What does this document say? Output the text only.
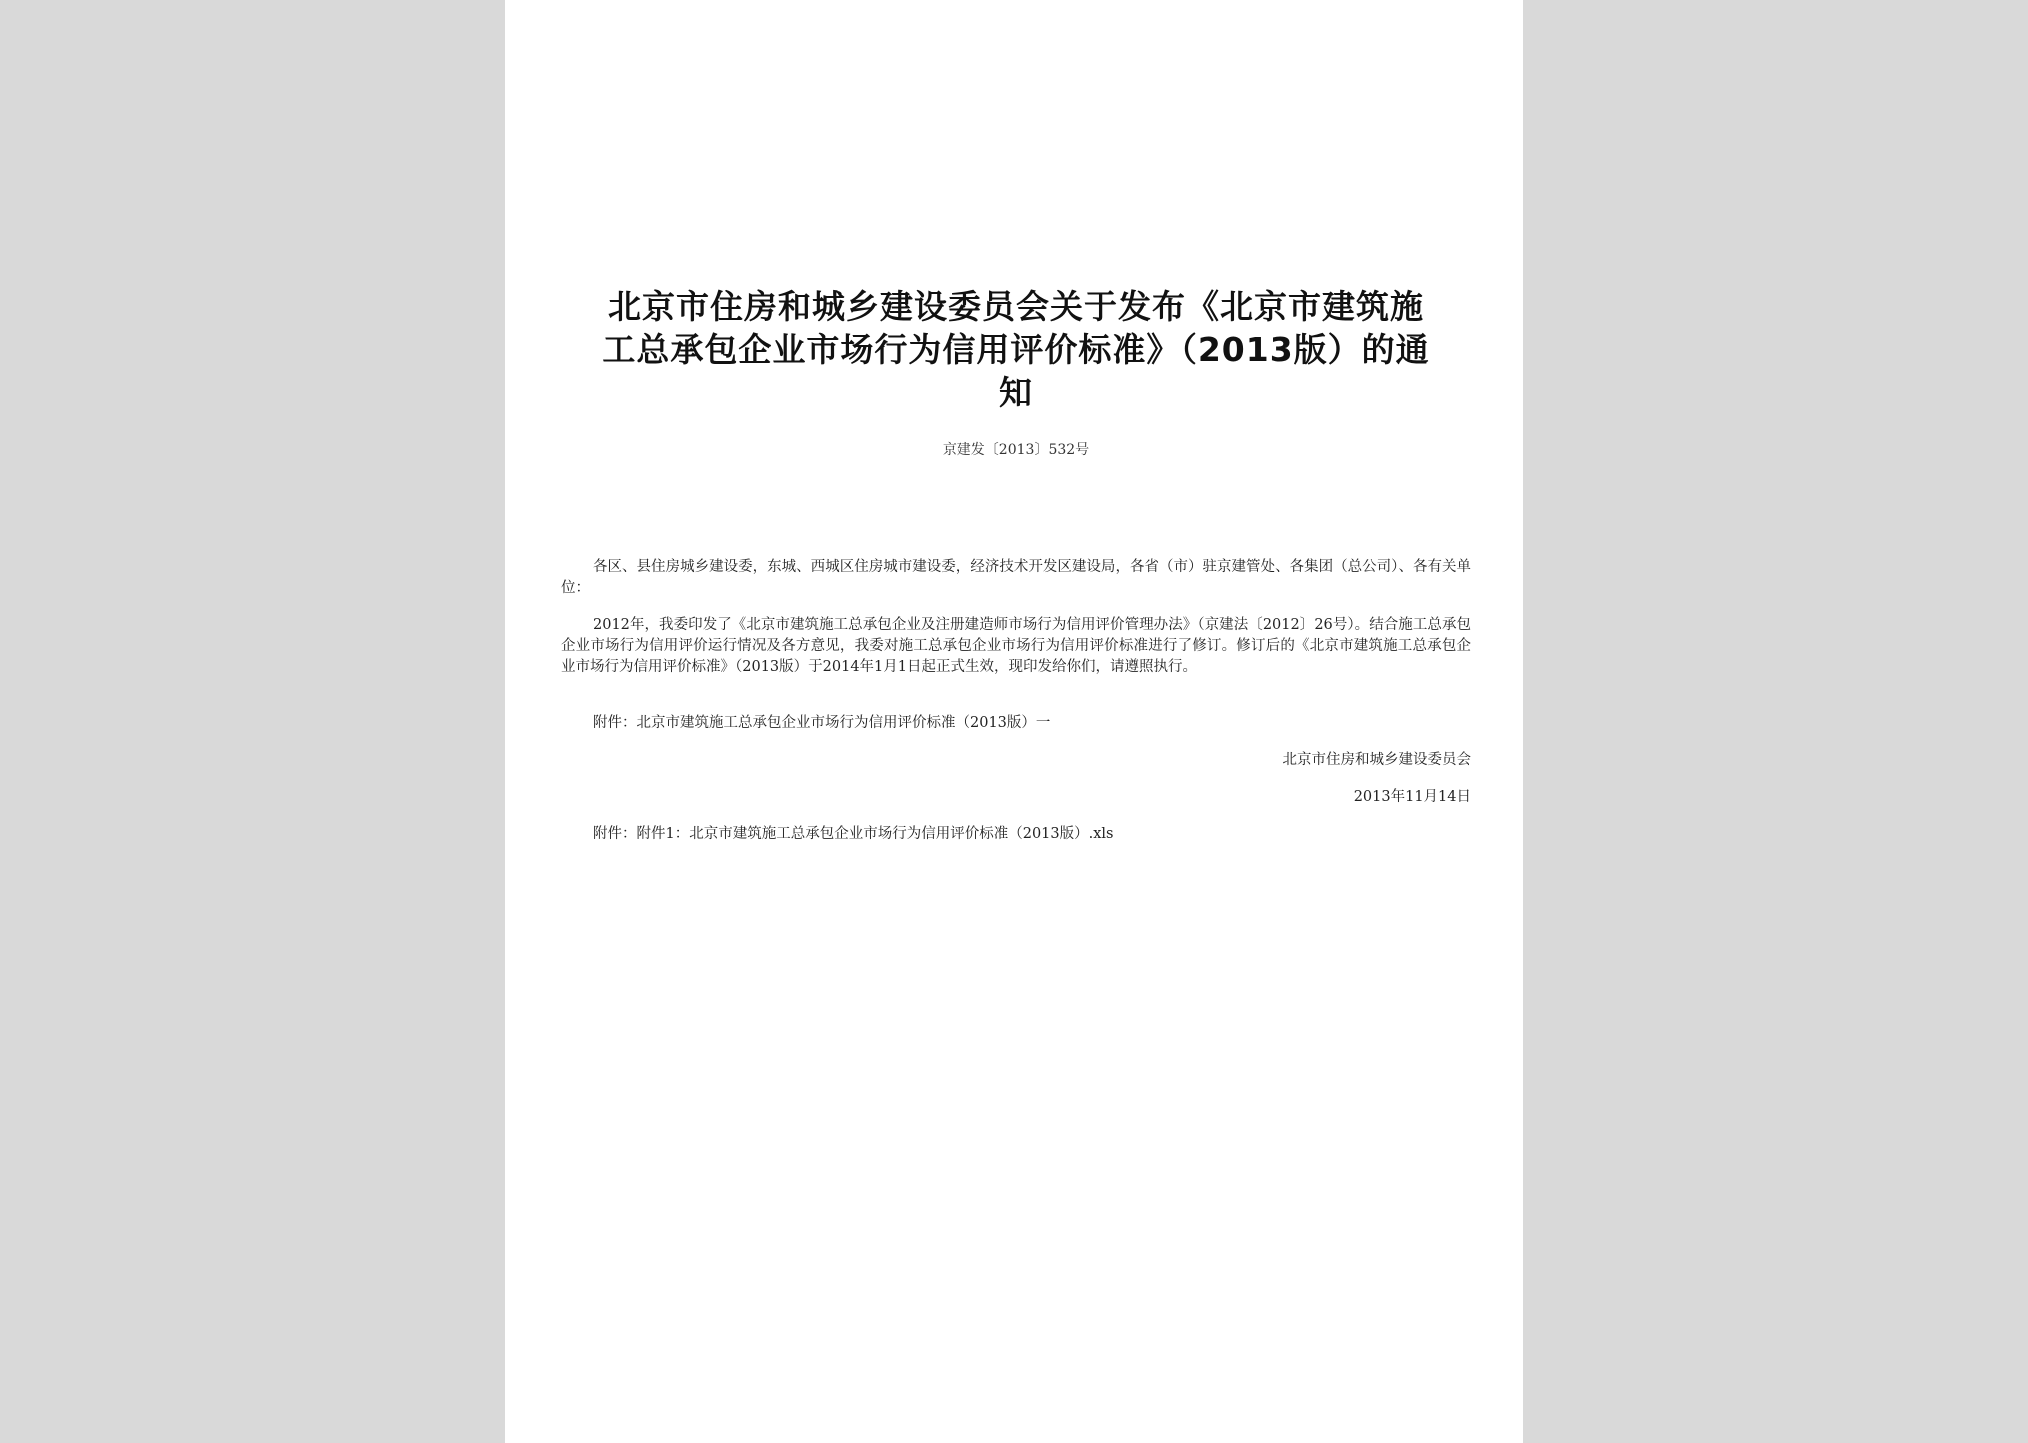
北京市住房和城乡建设委员会关于发布《北京市建筑施
工总承包企业市场行为信用评价标准》（2013版）的通
知
京建发〔2013〕532号

各区、县住房城乡建设委，东城、西城区住房城市建设委，经济技术开发区建设局，各省（市）驻京建管处、各集团（总公司）、各有关单位：

2012年，我委印发了《北京市建筑施工总承包企业及注册建造师市场行为信用评价管理办法》（京建法〔2012〕26号）。结合施工总承包企业市场行为信用评价运行情况及各方意见，我委对施工总承包企业市场行为信用评价标准进行了修订。修订后的《北京市建筑施工总承包企业市场行为信用评价标准》（2013版）于2014年1月1日起正式生效，现印发给你们，请遵照执行。

附件：北京市建筑施工总承包企业市场行为信用评价标准（2013版）一
北京市住房和城乡建设委员会
2013年11月14日
附件：附件1：北京市建筑施工总承包企业市场行为信用评价标准（2013版）.xls
